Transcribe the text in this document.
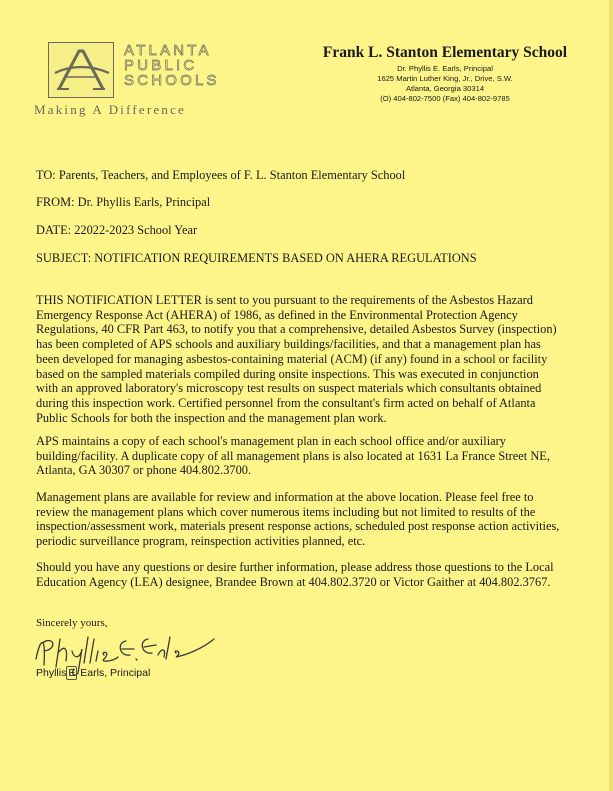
ATLANTA
PUBLIC
SCHOOLS
Making A Difference
Frank L. Stanton Elementary School
Dr. Phyllis E. Earls, Principal
1625 Martin Luther King, Jr., Drive, S.W.
Atlanta, Georgia 30314
(O) 404-802-7500 (Fax) 404-802-9785
TO: Parents, Teachers, and Employees of F. L. Stanton Elementary School
FROM: Dr. Phyllis Earls, Principal
DATE: 22022-2023 School Year
SUBJECT: NOTIFICATION REQUIREMENTS BASED ON AHERA REGULATIONS
THIS NOTIFICATION LETTER is sent to you pursuant to the requirements of the Asbestos Hazard
Emergency Response Act (AHERA) of 1986, as defined in the Environmental Protection Agency
Regulations, 40 CFR Part 463, to notify you that a comprehensive, detailed Asbestos Survey (inspection)
has been completed of APS schools and auxiliary buildings/facilities, and that a management plan has
been developed for managing asbestos-containing material (ACM) (if any) found in a school or facility
based on the sampled materials compiled during onsite inspections. This was executed in conjunction
with an approved laboratory's microscopy test results on suspect materials which consultants obtained
during this inspection work. Certified personnel from the consultant's firm acted on behalf of Atlanta
Public Schools for both the inspection and the management plan work.
APS maintains a copy of each school's management plan in each school office and/or auxiliary
building/facility. A duplicate copy of all management plans is also located at 1631 La France Street NE,
Atlanta, GA 30307 or phone 404.802.3700.
Management plans are available for review and information at the above location. Please feel free to
review the management plans which cover numerous items including but not limited to results of the
inspection/assessment work, materials present response actions, scheduled post response action activities,
periodic surveillance program, reinspection activities planned, etc.
Should you have any questions or desire further information, please address those questions to the Local
Education Agency (LEA) designee, Brandee Brown at 404.802.3720 or Victor Gaither at 404.802.3767.
Sincerely yours,
Phyllis E Earls, Principal
